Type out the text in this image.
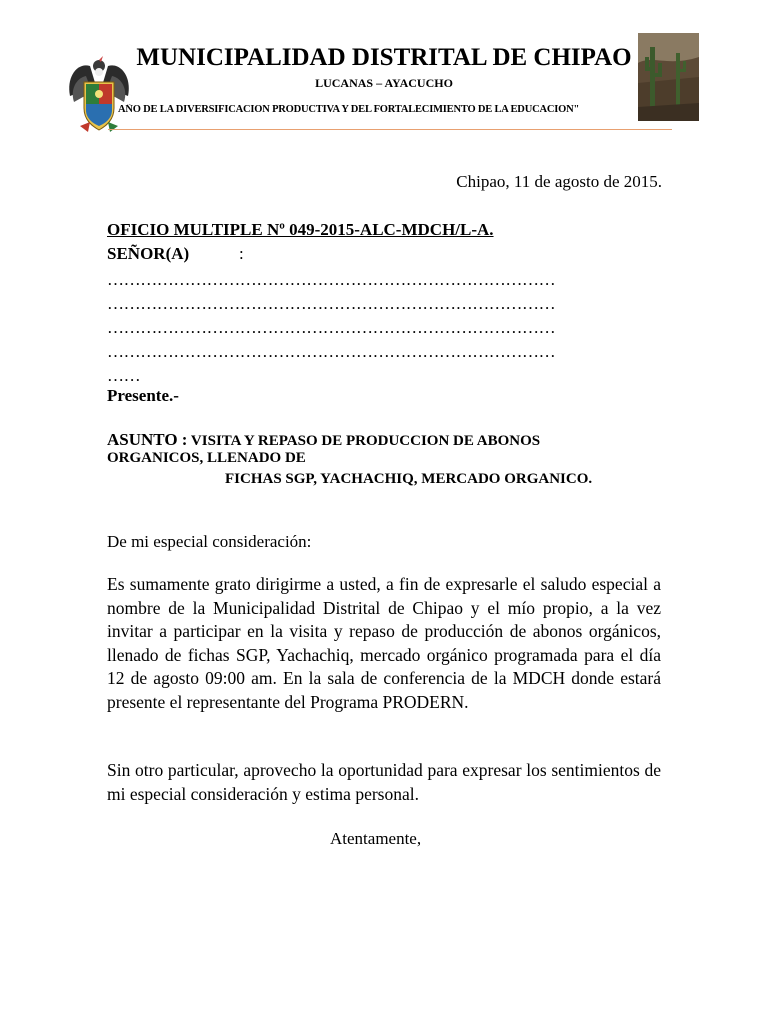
MUNICIPALIDAD DISTRITAL DE CHIPAO
LUCANAS – AYACUCHO
AÑO DE LA DIVERSIFICACION PRODUCTIVA Y DEL FORTALECIMIENTO DE LA EDUCACION"
Chipao, 11 de agosto de 2015.
OFICIO MULTIPLE Nº 049-2015-ALC-MDCH/L-A.
SEÑOR(A)	:
………………………………………………………………………
………………………………………………………………………
………………………………………………………………………
………………………………………………………………………
……
Presente.-
ASUNTO : VISITA Y REPASO DE PRODUCCION DE ABONOS
ORGANICOS, LLENADO DE
FICHAS SGP, YACHACHIQ, MERCADO ORGANICO.
De mi especial consideración:
Es sumamente grato dirigirme a usted, a fin de expresarle el saludo especial a nombre de la Municipalidad Distrital de Chipao y el mío propio, a la vez invitar a participar en la visita y repaso de producción de abonos orgánicos, llenado de fichas SGP, Yachachiq, mercado orgánico programada para el día 12 de agosto 09:00 am. En la sala de conferencia de la MDCH donde estará presente el representante del Programa PRODERN.
Sin otro particular, aprovecho la oportunidad para expresar los sentimientos de mi especial consideración y estima personal.
Atentamente,
